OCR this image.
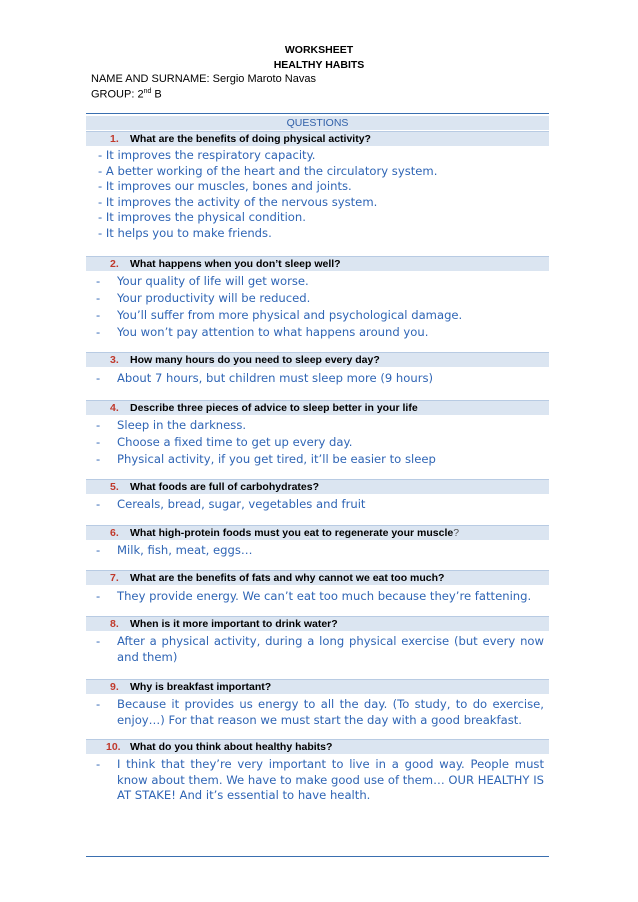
WORKSHEET
HEALTHY HABITS
NAME AND SURNAME: Sergio Maroto Navas
GROUP: 2nd B
QUESTIONS
1. What are the benefits of doing physical activity?
- It improves the respiratory capacity.
- A better working of the heart and the circulatory system.
- It improves our muscles, bones and joints.
- It improves the activity of the nervous system.
- It improves the physical condition.
- It helps you to make friends.
2. What happens when you don’t sleep well?
- Your quality of life will get worse.
- Your productivity will be reduced.
- You’ll suffer from more physical and psychological damage.
- You won’t pay attention to what happens around you.
3. How many hours do you need to sleep every day?
- About 7 hours, but children must sleep more (9 hours)
4. Describe three pieces of advice to sleep better in your life
- Sleep in the darkness.
- Choose a fixed time to get up every day.
- Physical activity, if you get tired, it’ll be easier to sleep
5. What foods are full of carbohydrates?
- Cereals, bread, sugar, vegetables and fruit
6. What high-protein foods must you eat to regenerate your muscle?
- Milk, fish, meat, eggs…
7. What are the benefits of fats and why cannot we eat too much?
- They provide energy. We can’t eat too much because they’re fattening.
8. When is it more important to drink water?
- After a physical activity, during a long physical exercise (but every now and them)
9. Why is breakfast important?
- Because it provides us energy to all the day. (To study, to do exercise, enjoy…) For that reason we must start the day with a good breakfast.
10. What do you think about healthy habits?
- I think that they’re very important to live in a good way. People must know about them. We have to make good use of them… OUR HEALTHY IS AT STAKE! And it’s essential to have health.
